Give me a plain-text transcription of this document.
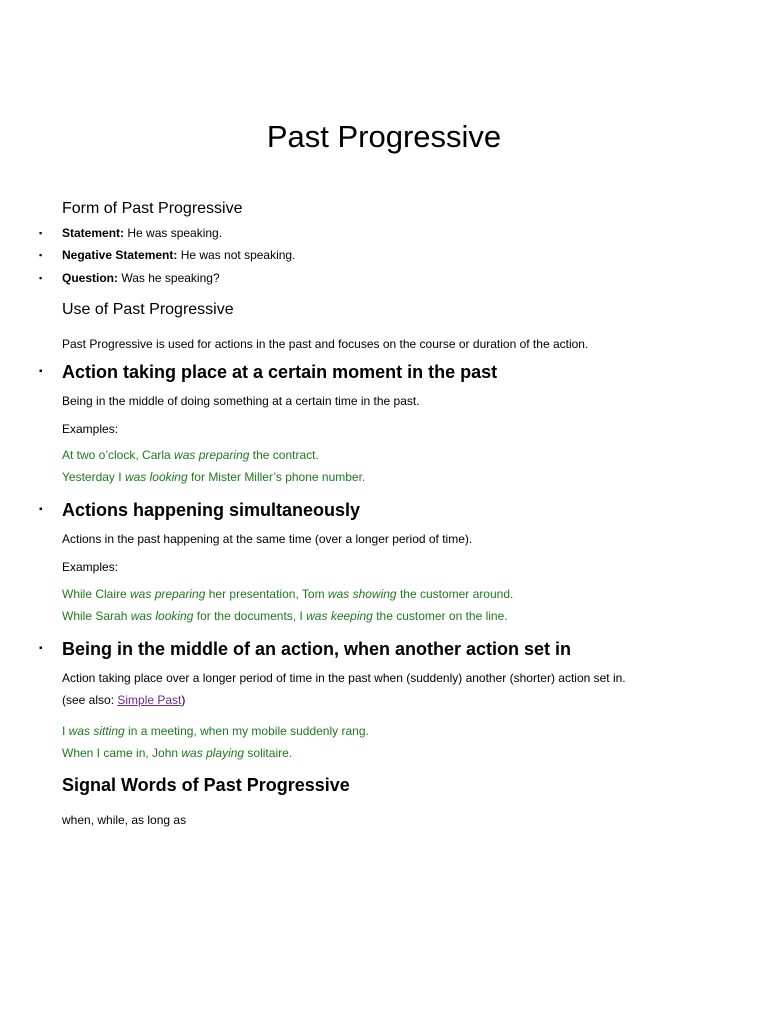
Past Progressive
Form of Past Progressive
▪ Statement: He was speaking.
▪ Negative Statement: He was not speaking.
▪ Question: Was he speaking?
Use of Past Progressive
Past Progressive is used for actions in the past and focuses on the course or duration of the action.
▪ Action taking place at a certain moment in the past
Being in the middle of doing something at a certain time in the past.
Examples:
At two o’clock, Carla was preparing the contract.
Yesterday I was looking for Mister Miller’s phone number.
▪ Actions happening simultaneously
Actions in the past happening at the same time (over a longer period of time).
Examples:
While Claire was preparing her presentation, Tom was showing the customer around.
While Sarah was looking for the documents, I was keeping the customer on the line.
▪ Being in the middle of an action, when another action set in
Action taking place over a longer period of time in the past when (suddenly) another (shorter) action set in.
(see also: Simple Past)
I was sitting in a meeting, when my mobile suddenly rang.
When I came in, John was playing solitaire.
Signal Words of Past Progressive
when, while, as long as
